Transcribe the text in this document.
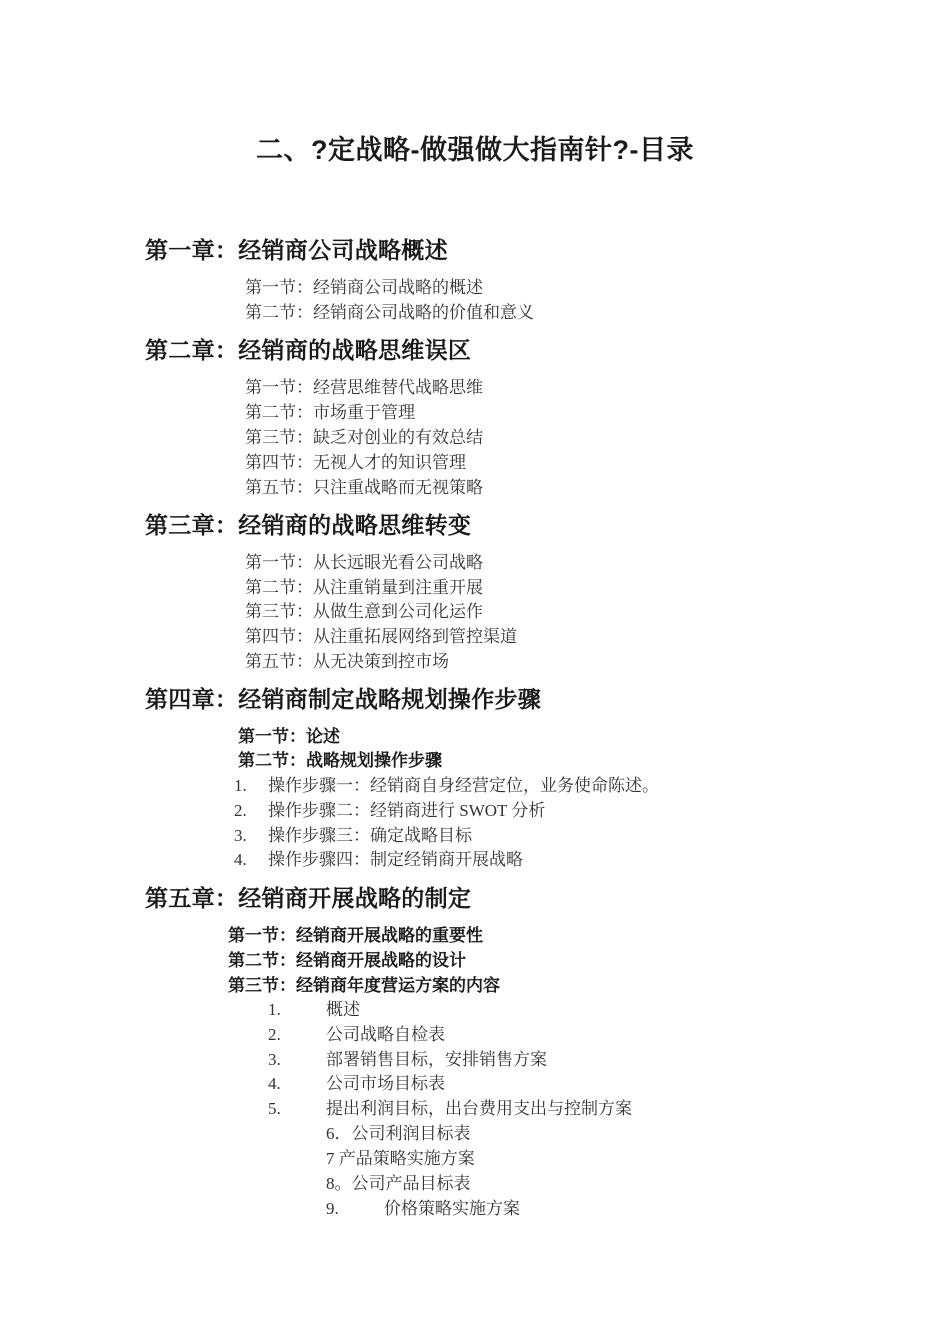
二、?定战略-做强做大指南针?-目录
第一章：经销商公司战略概述
第一节：经销商公司战略的概述
第二节：经销商公司战略的价值和意义
第二章：经销商的战略思维误区
第一节：经营思维替代战略思维
第二节：市场重于管理
第三节：缺乏对创业的有效总结
第四节：无视人才的知识管理
第五节：只注重战略而无视策略
第三章：经销商的战略思维转变
第一节：从长远眼光看公司战略
第二节：从注重销量到注重开展
第三节：从做生意到公司化运作
第四节：从注重拓展网络到管控渠道
第五节：从无决策到控市场
第四章：经销商制定战略规划操作步骤
第一节：论述
第二节：战略规划操作步骤
1. 操作步骤一：经销商自身经营定位，业务使命陈述。
2. 操作步骤二：经销商进行 SWOT 分析
3. 操作步骤三：确定战略目标
4. 操作步骤四：制定经销商开展战略
第五章：经销商开展战略的制定
第一节：经销商开展战略的重要性
第二节：经销商开展战略的设计
第三节：经销商年度营运方案的内容
1.	概述
2.	公司战略自检表
3.	部署销售目标，安排销售方案
4.	公司市场目标表
5.	提出利润目标，出台费用支出与控制方案
6．公司利润目标表
7 产品策略实施方案
8。公司产品目标表
9.	价格策略实施方案
